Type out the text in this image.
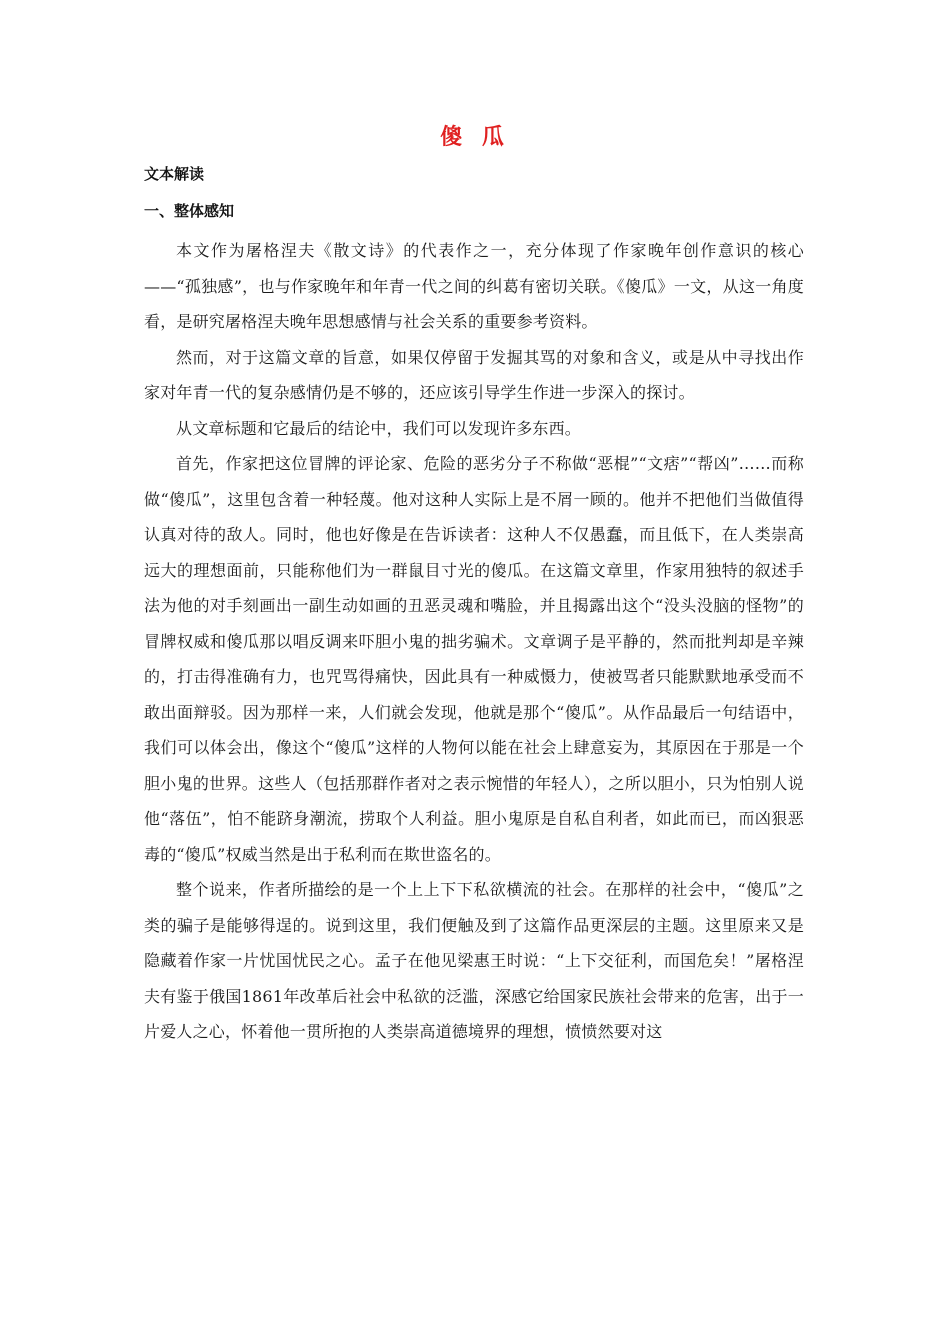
傻 瓜
文本解读
一、整体感知

本文作为屠格涅夫《散文诗》的代表作之一，充分体现了作家晚年创作意识的核心——“孤独感”，也与作家晚年和年青一代之间的纠葛有密切关联。《傻瓜》一文，从这一角度看，是研究屠格涅夫晚年思想感情与社会关系的重要参考资料。

然而，对于这篇文章的旨意，如果仅停留于发掘其骂的对象和含义，或是从中寻找出作家对年青一代的复杂感情仍是不够的，还应该引导学生作进一步深入的探讨。

从文章标题和它最后的结论中，我们可以发现许多东西。

首先，作家把这位冒牌的评论家、危险的恶劣分子不称做“恶棍”“文痞”“帮凶”……而称做“傻瓜”，这里包含着一种轻蔑。他对这种人实际上是不屑一顾的。他并不把他们当做值得认真对待的敌人。同时，他也好像是在告诉读者：这种人不仅愚蠢，而且低下，在人类崇高远大的理想面前，只能称他们为一群鼠目寸光的傻瓜。在这篇文章里，作家用独特的叙述手法为他的对手刻画出一副生动如画的丑恶灵魂和嘴脸，并且揭露出这个“没头没脑的怪物”的冒牌权威和傻瓜那以唱反调来吓胆小鬼的拙劣骗术。文章调子是平静的，然而批判却是辛辣的，打击得准确有力，也咒骂得痛快，因此具有一种威慑力，使被骂者只能默默地承受而不敢出面辩驳。因为那样一来，人们就会发现，他就是那个“傻瓜”。从作品最后一句结语中，我们可以体会出，像这个“傻瓜”这样的人物何以能在社会上肆意妄为，其原因在于那是一个胆小鬼的世界。这些人（包括那群作者对之表示惋惜的年轻人），之所以胆小，只为怕别人说他“落伍”，怕不能跻身潮流，捞取个人利益。胆小鬼原是自私自利者，如此而已，而凶狠恶毒的“傻瓜”权威当然是出于私利而在欺世盗名的。

整个说来，作者所描绘的是一个上上下下私欲横流的社会。在那样的社会中，“傻瓜”之类的骗子是能够得逞的。说到这里，我们便触及到了这篇作品更深层的主题。这里原来又是隐藏着作家一片忧国忧民之心。孟子在他见梁惠王时说：“上下交征利，而国危矣！”屠格涅夫有鉴于俄国1861年改革后社会中私欲的泛滥，深感它给国家民族社会带来的危害，出于一片爱人之心，怀着他一贯所抱的人类崇高道德境界的理想，愤愤然要对这
